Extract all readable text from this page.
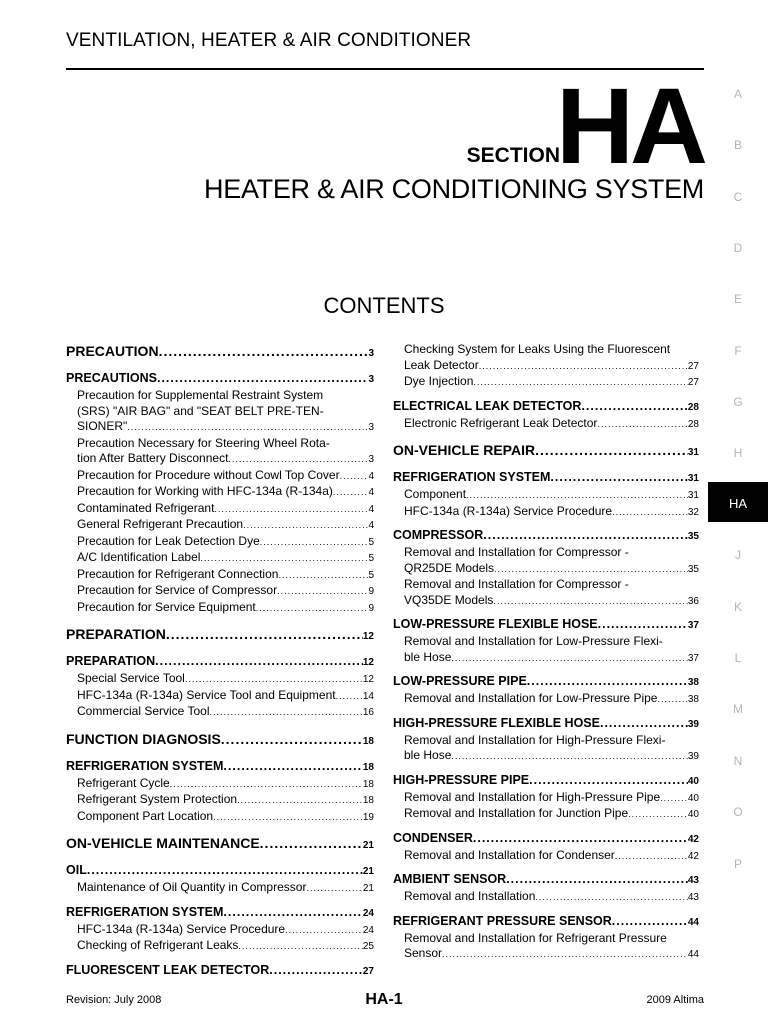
VENTILATION, HEATER & AIR CONDITIONER
SECTION
HA
HEATER & AIR CONDITIONING SYSTEM
CONTENTS
A
B
C
D
E
F
G
H
HA
J
K
L
M
N
O
P
PRECAUTION .....	3
PRECAUTIONS .....	3
Precaution for Supplemental Restraint System
(SRS) "AIR BAG" and "SEAT BELT PRE-TEN-
SIONER" .....	3
Precaution Necessary for Steering Wheel Rota-
tion After Battery Disconnect .....	3
Precaution for Procedure without Cowl Top Cover .....	4
Precaution for Working with HFC-134a (R-134a) .....	4
Contaminated Refrigerant .....	4
General Refrigerant Precaution .....	4
Precaution for Leak Detection Dye .....	5
A/C Identification Label .....	5
Precaution for Refrigerant Connection .....	5
Precaution for Service of Compressor .....	9
Precaution for Service Equipment .....	9
PREPARATION .....	12
PREPARATION .....	12
Special Service Tool .....	12
HFC-134a (R-134a) Service Tool and Equipment .....	14
Commercial Service Tool .....	16
FUNCTION DIAGNOSIS .....	18
REFRIGERATION SYSTEM .....	18
Refrigerant Cycle .....	18
Refrigerant System Protection .....	18
Component Part Location .....	19
ON-VEHICLE MAINTENANCE .....	21
OIL .....	21
Maintenance of Oil Quantity in Compressor .....	21
REFRIGERATION SYSTEM .....	24
HFC-134a (R-134a) Service Procedure .....	24
Checking of Refrigerant Leaks .....	25
FLUORESCENT LEAK DETECTOR .....	27
Checking System for Leaks Using the Fluorescent
Leak Detector .....	27
Dye Injection .....	27
ELECTRICAL LEAK DETECTOR .....	28
Electronic Refrigerant Leak Detector .....	28
ON-VEHICLE REPAIR .....	31
REFRIGERATION SYSTEM .....	31
Component .....	31
HFC-134a (R-134a) Service Procedure .....	32
COMPRESSOR .....	35
Removal and Installation for Compressor -
QR25DE Models .....	35
Removal and Installation for Compressor -
VQ35DE Models .....	36
LOW-PRESSURE FLEXIBLE HOSE .....	37
Removal and Installation for Low-Pressure Flexi-
ble Hose .....	37
LOW-PRESSURE PIPE .....	38
Removal and Installation for Low-Pressure Pipe .....	38
HIGH-PRESSURE FLEXIBLE HOSE .....	39
Removal and Installation for High-Pressure Flexi-
ble Hose .....	39
HIGH-PRESSURE PIPE .....	40
Removal and Installation for High-Pressure Pipe .....	40
Removal and Installation for Junction Pipe .....	40
CONDENSER .....	42
Removal and Installation for Condenser .....	42
AMBIENT SENSOR .....	43
Removal and Installation .....	43
REFRIGERANT PRESSURE SENSOR .....	44
Removal and Installation for Refrigerant Pressure
Sensor .....	44
Revision: July 2008	HA-1	2009 Altima
